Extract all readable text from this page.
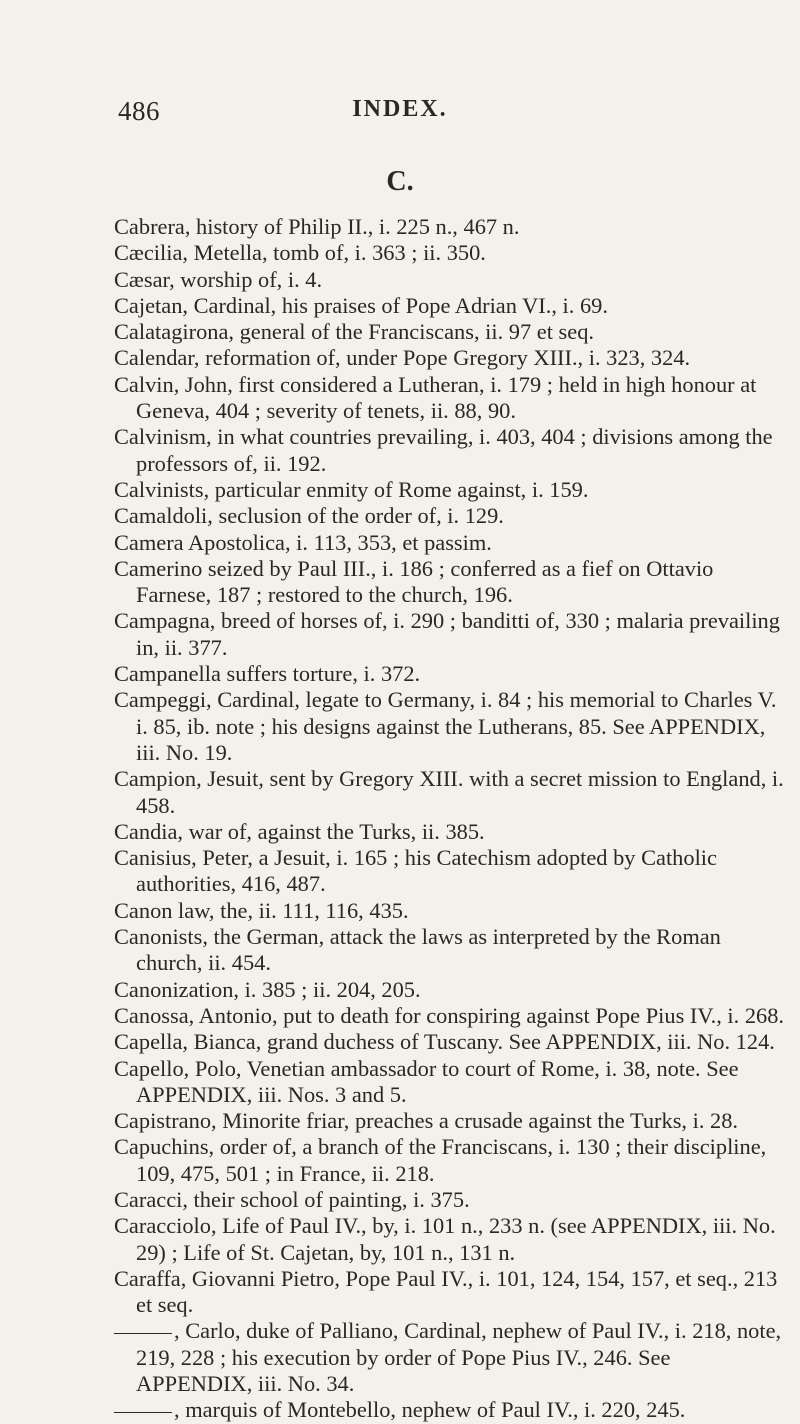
486	INDEX.
C.
Cabrera, history of Philip II., i. 225 n., 467 n.
Cæcilia, Metella, tomb of, i. 363 ; ii. 350.
Cæsar, worship of, i. 4.
Cajetan, Cardinal, his praises of Pope Adrian VI., i. 69.
Calatagirona, general of the Franciscans, ii. 97 et seq.
Calendar, reformation of, under Pope Gregory XIII., i. 323, 324.
Calvin, John, first considered a Lutheran, i. 179 ; held in high honour at Geneva, 404 ; severity of tenets, ii. 88, 90.
Calvinism, in what countries prevailing, i. 403, 404 ; divisions among the professors of, ii. 192.
Calvinists, particular enmity of Rome against, i. 159.
Camaldoli, seclusion of the order of, i. 129.
Camera Apostolica, i. 113, 353, et passim.
Camerino seized by Paul III., i. 186 ; conferred as a fief on Ottavio Farnese, 187 ; restored to the church, 196.
Campagna, breed of horses of, i. 290 ; banditti of, 330 ; malaria prevailing in, ii. 377.
Campanella suffers torture, i. 372.
Campeggi, Cardinal, legate to Germany, i. 84 ; his memorial to Charles V. i. 85, ib. note ; his designs against the Lutherans, 85. See APPENDIX, iii. No. 19.
Campion, Jesuit, sent by Gregory XIII. with a secret mission to England, i. 458.
Candia, war of, against the Turks, ii. 385.
Canisius, Peter, a Jesuit, i. 165 ; his Catechism adopted by Catholic authorities, 416, 487.
Canon law, the, ii. 111, 116, 435.
Canonists, the German, attack the laws as interpreted by the Roman church, ii. 454.
Canonization, i. 385 ; ii. 204, 205.
Canossa, Antonio, put to death for conspiring against Pope Pius IV., i. 268.
Capella, Bianca, grand duchess of Tuscany. See APPENDIX, iii. No. 124.
Capello, Polo, Venetian ambassador to court of Rome, i. 38, note. See APPENDIX, iii. Nos. 3 and 5.
Capistrano, Minorite friar, preaches a crusade against the Turks, i. 28.
Capuchins, order of, a branch of the Franciscans, i. 130 ; their discipline, 109, 475, 501 ; in France, ii. 218.
Caracci, their school of painting, i. 375.
Caracciolo, Life of Paul IV., by, i. 101 n., 233 n. (see APPENDIX, iii. No. 29) ; Life of St. Cajetan, by, 101 n., 131 n.
Caraffa, Giovanni Pietro, Pope Paul IV., i. 101, 124, 154, 157, et seq., 213 et seq.
, Carlo, duke of Palliano, Cardinal, nephew of Paul IV., i. 218, note, 219, 228 ; his execution by order of Pope Pius IV., 246. See APPENDIX, iii. No. 34.
, marquis of Montebello, nephew of Paul IV., i. 220, 245.
